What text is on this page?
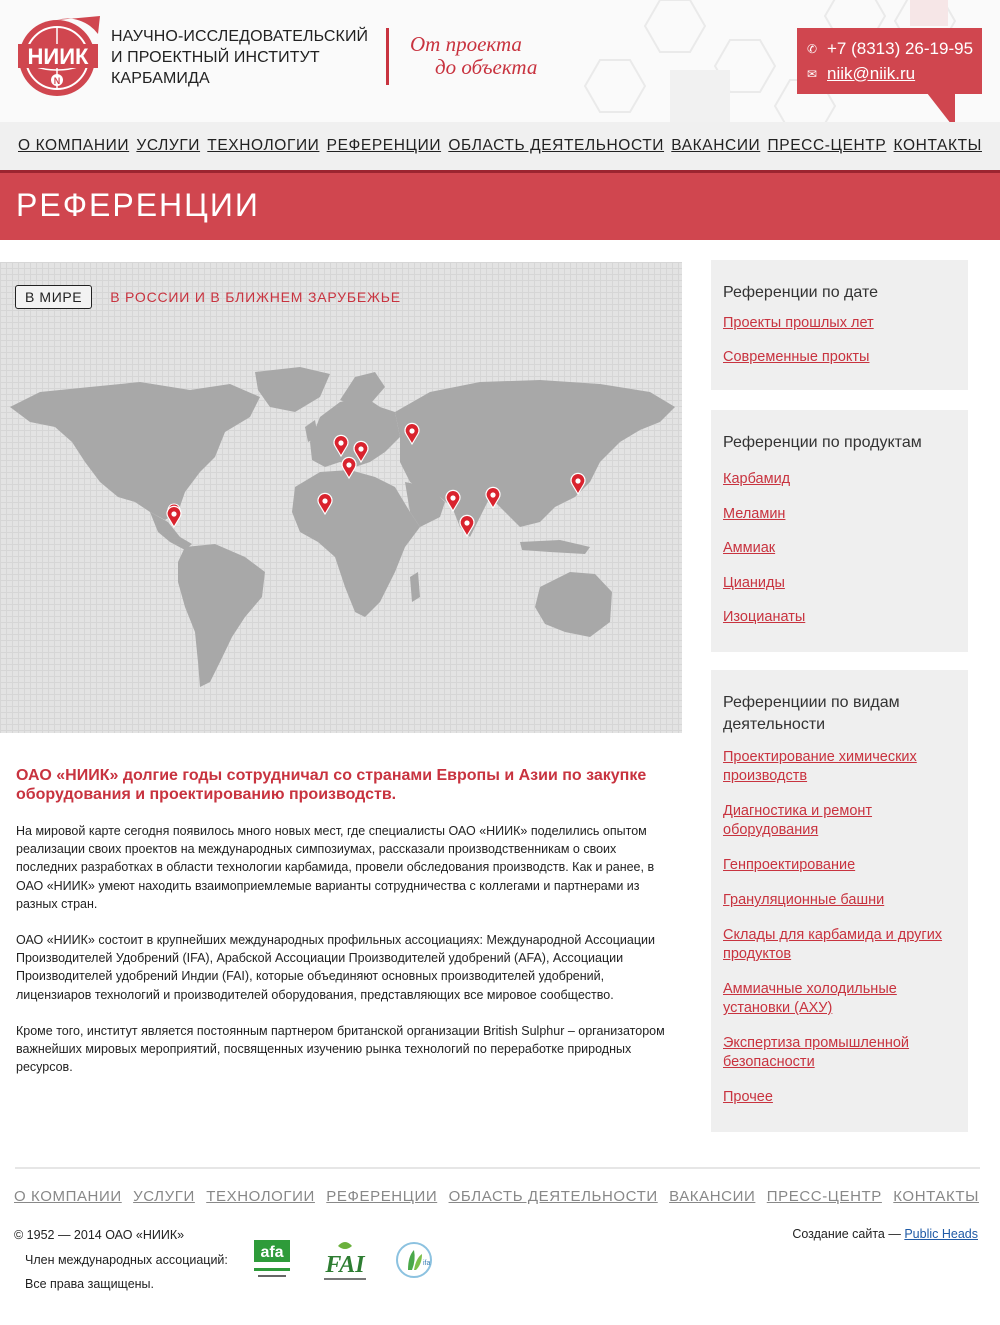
НИИК
N
НАУЧНО-ИССЛЕДОВАТЕЛЬСКИЙ
И ПРОЕКТНЫЙ ИНСТИТУТ
КАРБАМИДА
От проекта
до объекта
✆ +7 (8313) 26-19-95
✉ niik@niik.ru
О КОМПАНИИ УСЛУГИ ТЕХНОЛОГИИ РЕФЕРЕНЦИИ ОБЛАСТЬ ДЕЯТЕЛЬНОСТИ ВАКАНСИИ ПРЕСС-ЦЕНТР КОНТАКТЫ
РЕФЕРЕНЦИИ
В МИРЕ	В РОССИИ И В БЛИЖНЕМ ЗАРУБЕЖЬЕ
ОАО «НИИК» долгие годы сотрудничал со странами Европы и Азии по закупке оборудования и проектированию производств.

На мировой карте сегодня появилось много новых мест, где специалисты ОАО «НИИК» поделились опытом реализации своих проектов на международных симпозиумах, рассказали производственникам о своих последних разработках в области технологии карбамида, провели обследования производств. Как и ранее, в ОАО «НИИК» умеют находить взаимоприемлемые варианты сотрудничества с коллегами и партнерами из разных стран.

ОАО «НИИК» состоит в крупнейших международных профильных ассоциациях: Международной Ассоциации Производителей Удобрений (IFA), Арабской Ассоциации Производителей удобрений (AFA), Ассоциации Производителей удобрений Индии (FAI), которые объединяют основных производителей удобрений, лицензиаров технологий и производителей оборудования, представляющих все мировое сообщество.

Кроме того, институт является постоянным партнером британской организации British Sulphur – организатором важнейших мировых мероприятий, посвященных изучению рынка технологий по переработке природных ресурсов.

Референции по дате
Проекты прошлых лет
Современные прокты
Референции по продуктам
Карбамид
Меламин
Аммиак
Цианиды
Изоцианаты
Референциии по видам деятельности
Проектирование химических производств
Диагностика и ремонт оборудования
Генпроектирование
Грануляционные башни
Склады для карбамида и других продуктов
Аммиачные холодильные установки (АХУ)
Экспертиза промышленной безопасности
Прочее
О КОМПАНИИ УСЛУГИ ТЕХНОЛОГИИ РЕФЕРЕНЦИИ ОБЛАСТЬ ДЕЯТЕЛЬНОСТИ ВАКАНСИИ ПРЕСС-ЦЕНТР КОНТАКТЫ
© 1952 — 2014 ОАО «НИИК»
Член международных ассоциаций:
Все права защищены.
afa FAI	ifa
Создание сайта — Public Heads
